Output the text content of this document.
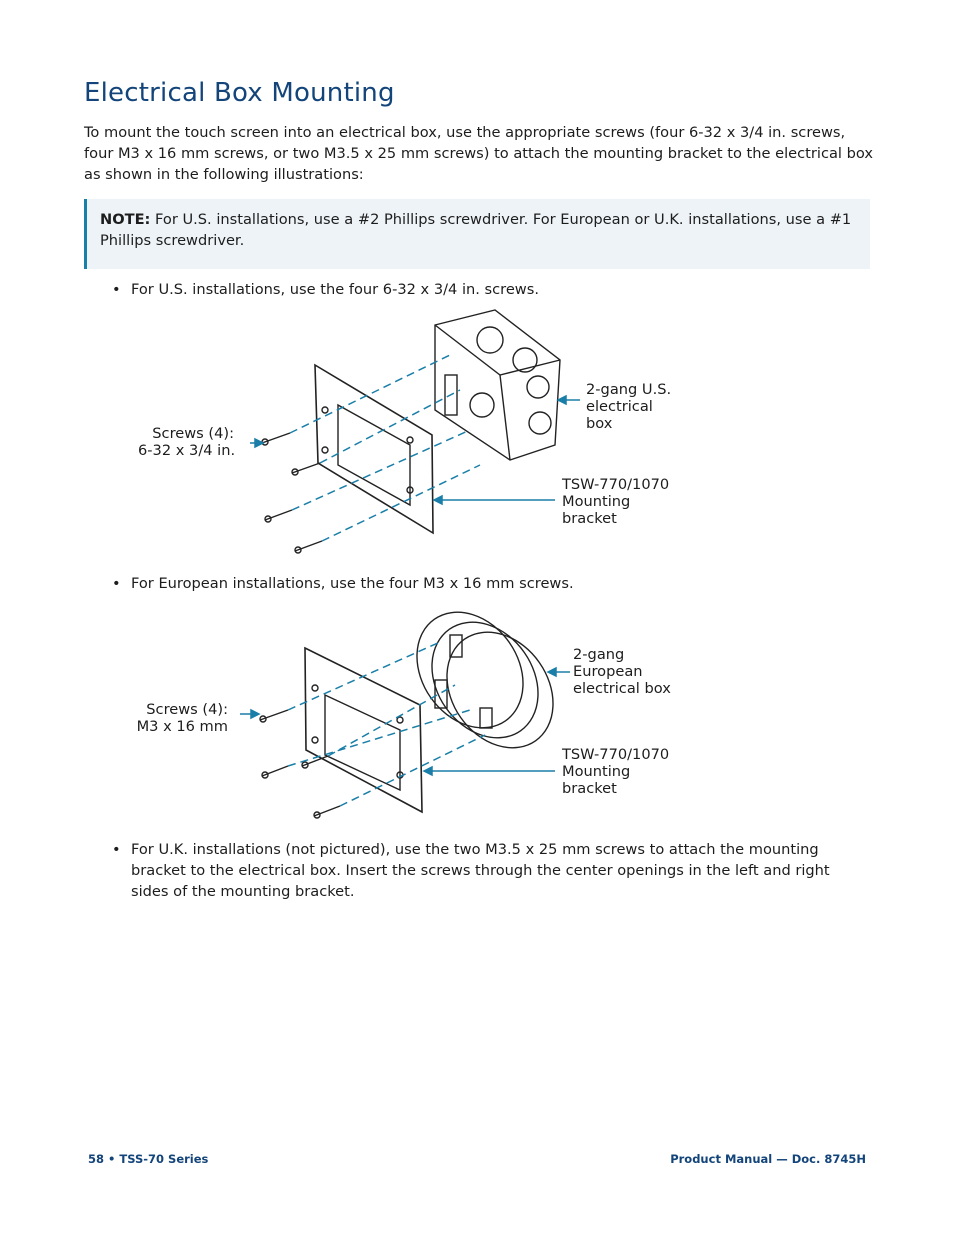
Electrical Box Mounting

To mount the touch screen into an electrical box, use the appropriate screws (four 6-32 x 3/4 in. screws, four M3 x 16 mm screws, or two M3.5 x 25 mm screws) to attach the mounting bracket to the electrical box as shown in the following illustrations:

NOTE: For U.S. installations, use a #2 Phillips screwdriver. For European or U.K. installations, use a #1 Phillips screwdriver.

• For U.S. installations, use the four 6-32 x 3/4 in. screws.

Screws (4):
6-32 x 3/4 in.
2-gang U.S.
electrical
box
TSW-770/1070
Mounting
bracket

• For European installations, use the four M3 x 16 mm screws.

Screws (4):
M3 x 16 mm
2-gang
European
electrical box
TSW-770/1070
Mounting
bracket

• For U.K. installations (not pictured), use the two M3.5 x 25 mm screws to attach the mounting bracket to the electrical box. Insert the screws through the center openings in the left and right sides of the mounting bracket.

58 • TSS-70 Series	Product Manual — Doc. 8745H
